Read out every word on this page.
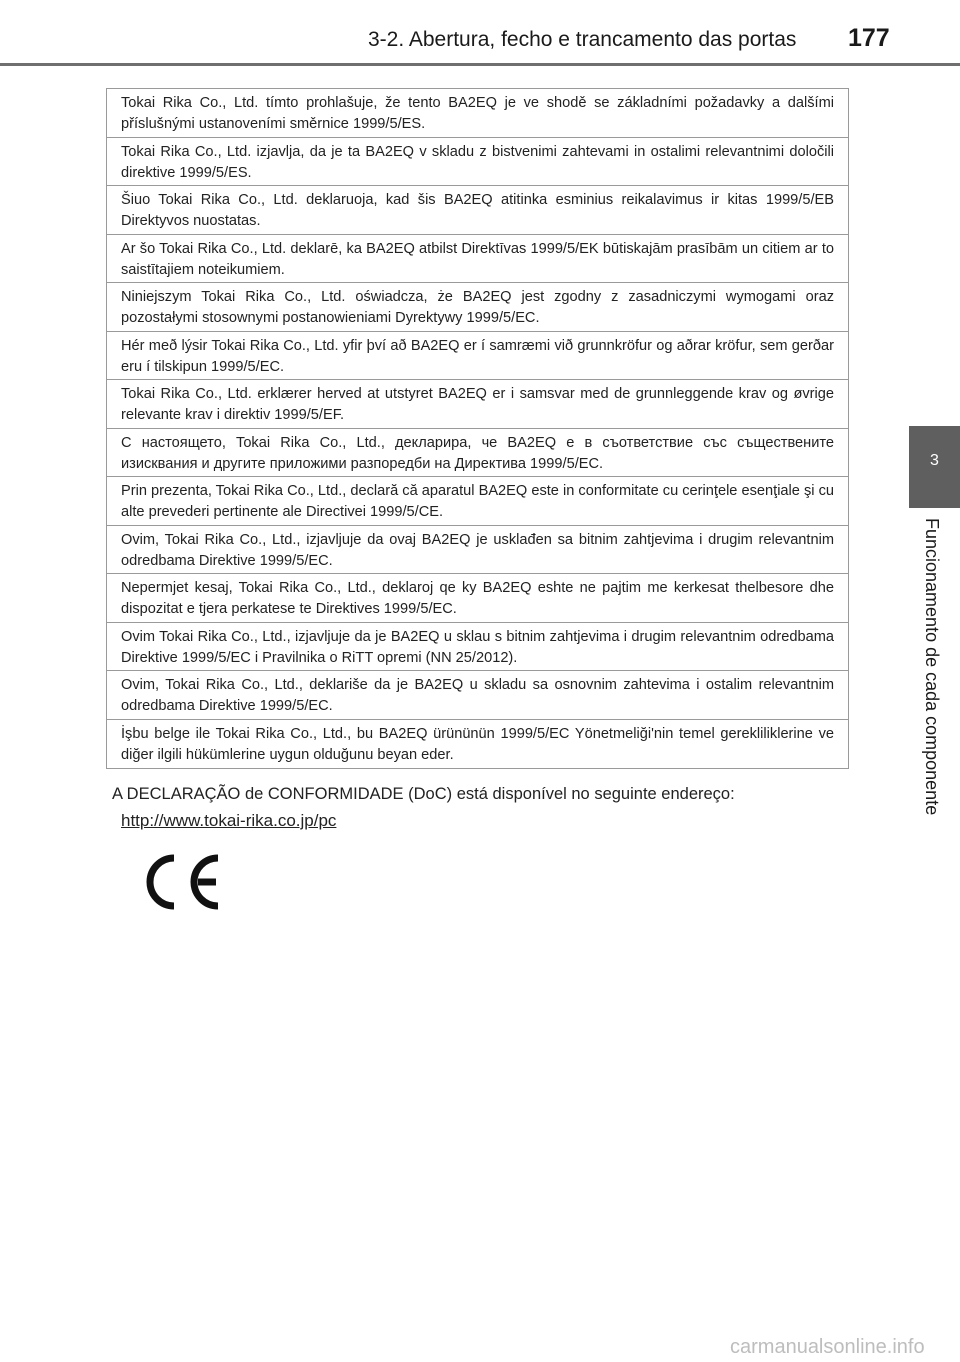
3-2. Abertura, fecho e trancamento das portas 177
3
Funcionamento de cada componente
Tokai Rika Co., Ltd. tímto prohlašuje, že tento BA2EQ je ve shodě se základními požadavky a dalšími příslušnými ustanoveními směrnice 1999/5/ES.
Tokai Rika Co., Ltd. izjavlja, da je ta BA2EQ v skladu z bistvenimi zahtevami in ostalimi relevantnimi določili direktive 1999/5/ES.
Šiuo Tokai Rika Co., Ltd. deklaruoja, kad šis BA2EQ atitinka esminius reikalavimus ir kitas 1999/5/EB Direktyvos nuostatas.
Ar šo Tokai Rika Co., Ltd. deklarē, ka BA2EQ atbilst Direktīvas 1999/5/EK būtiskajām prasībām un citiem ar to saistītajiem noteikumiem.
Niniejszym Tokai Rika Co., Ltd. oświadcza, że BA2EQ jest zgodny z zasadniczymi wymogami oraz pozostałymi stosownymi postanowieniami Dyrektywy 1999/5/EC.
Hér með lýsir Tokai Rika Co., Ltd. yfir því að BA2EQ er í samræmi við grunnkröfur og aðrar kröfur, sem gerðar eru í tilskipun 1999/5/EC.
Tokai Rika Co., Ltd. erklærer herved at utstyret BA2EQ er i samsvar med de grunnleggende krav og øvrige relevante krav i direktiv 1999/5/EF.
С настоящето, Tokai Rika Co., Ltd., декларира, че BA2EQ е в съответствие със съществените изисквания и другите приложими разпоредби на Директива 1999/5/ЕС.
Prin prezenta, Tokai Rika Co., Ltd., declară că aparatul BA2EQ este in conformitate cu cerinţele esenţiale şi cu alte prevederi pertinente ale Directivei 1999/5/CE.
Ovim, Tokai Rika Co., Ltd., izjavljuje da ovaj BA2EQ je usklađen sa bitnim zahtjevima i drugim relevantnim odredbama Direktive 1999/5/EC.
Nepermjet kesaj, Tokai Rika Co., Ltd., deklaroj qe ky BA2EQ eshte ne pajtim me kerkesat thelbesore dhe dispozitat e tjera perkatese te Direktives 1999/5/EC.
Ovim Tokai Rika Co., Ltd., izjavljuje da je BA2EQ u sklau s bitnim zahtjevima i drugim relevantnim odredbama Direktive 1999/5/EC i Pravilnika o RiTT opremi (NN 25/2012).
Ovim, Tokai Rika Co., Ltd., deklariše da je BA2EQ u skladu sa osnovnim zahtevima i ostalim relevantnim odredbama Direktive 1999/5/EC.
İşbu belge ile Tokai Rika Co., Ltd., bu BA2EQ ürününün 1999/5/EC Yönetmeliği'nin temel gerekliliklerine ve diğer ilgili hükümlerine uygun olduğunu beyan eder.
A DECLARAÇÃO de CONFORMIDADE (DoC) está disponível no seguinte endereço:
http://www.tokai-rika.co.jp/pc
carmanualsonline.info
